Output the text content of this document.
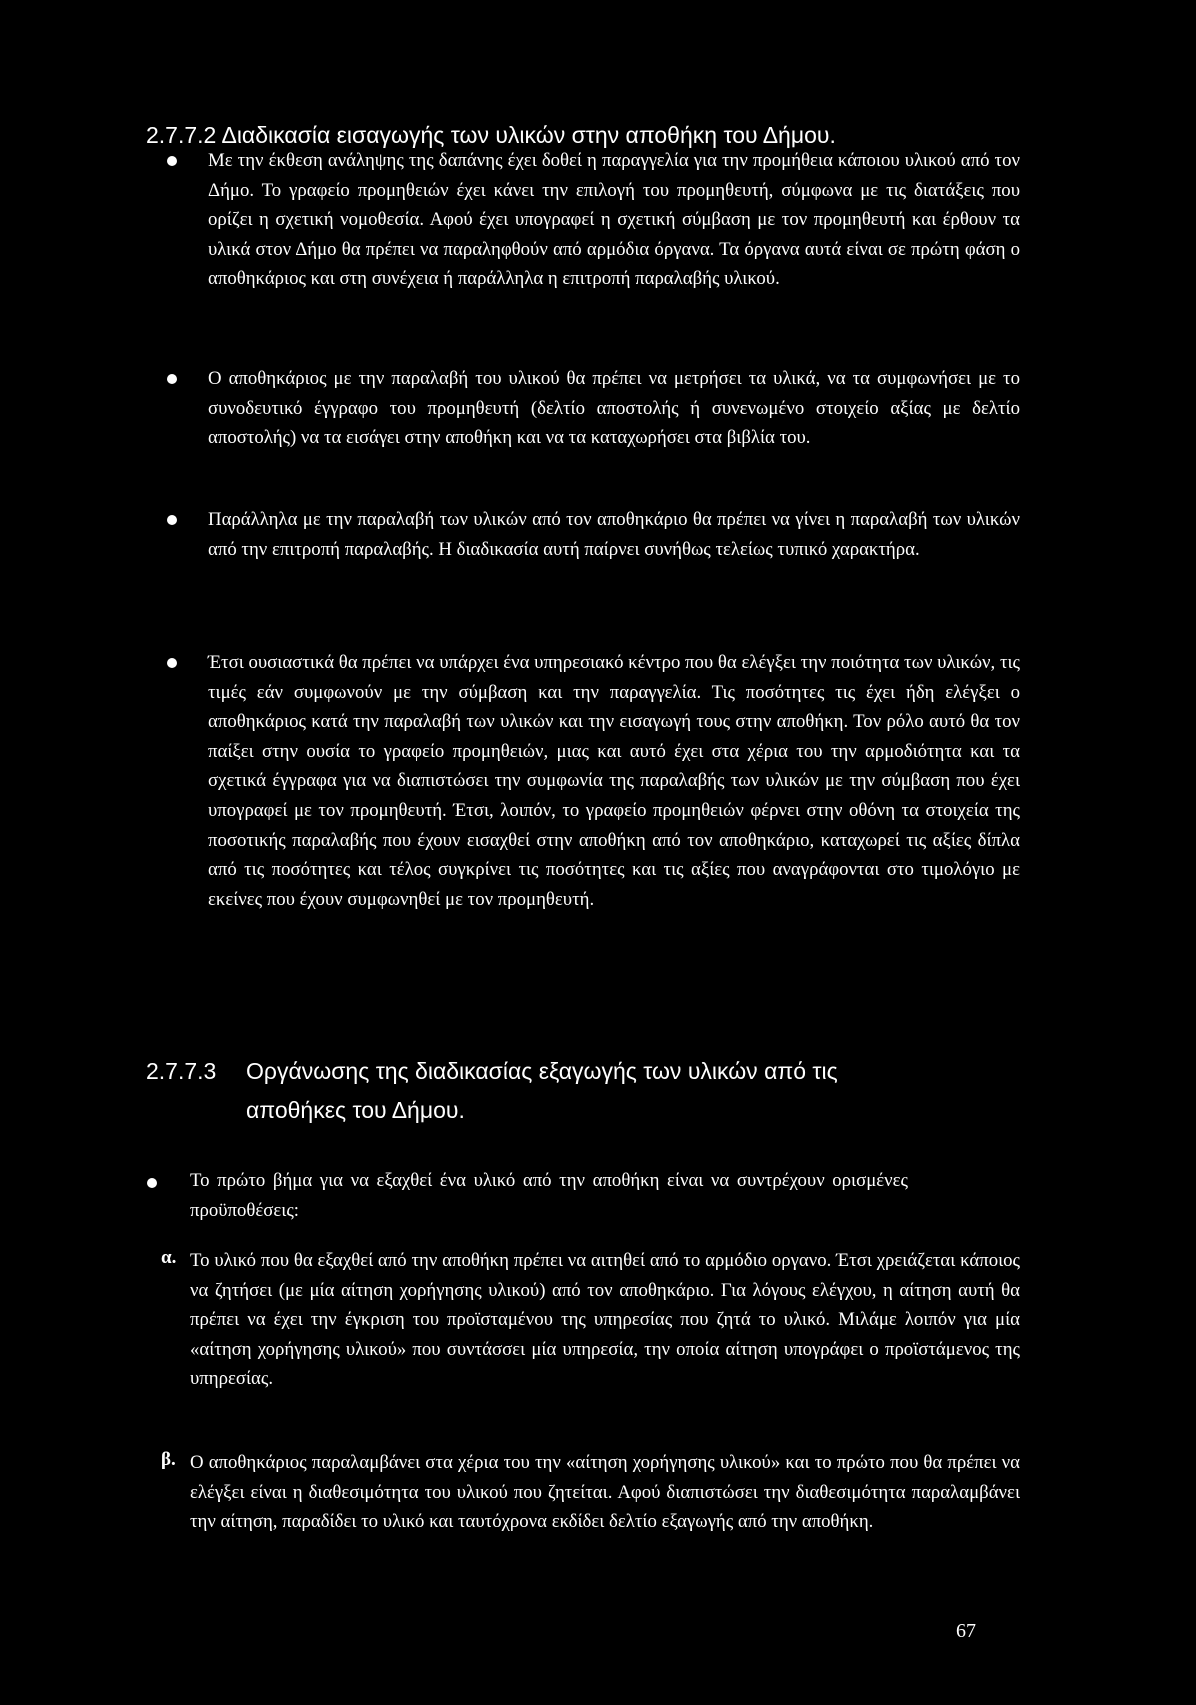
2.7.7.2 Διαδικασία εισαγωγής των υλικών στην αποθήκη του Δήμου.

Με την έκθεση ανάληψης της δαπάνης έχει δοθεί η παραγγελία για την προμήθεια κάποιου υλικού από τον Δήμο. Το γραφείο προμηθειών έχει κάνει την επιλογή του προμηθευτή, σύμφωνα με τις διατάξεις που ορίζει η σχετική νομοθεσία. Αφού έχει υπογραφεί η σχετική σύμβαση με τον προμηθευτή και έρθουν τα υλικά στον Δήμο θα πρέπει να παραληφθούν από αρμόδια όργανα. Τα όργανα αυτά είναι σε πρώτη φάση ο αποθηκάριος και στη συνέχεια ή παράλληλα η επιτροπή παραλαβής υλικού.

Ο αποθηκάριος με την παραλαβή του υλικού θα πρέπει να μετρήσει τα υλικά, να τα συμφωνήσει με το συνοδευτικό έγγραφο του προμηθευτή (δελτίο αποστολής ή συνενωμένο στοιχείο αξίας με δελτίο αποστολής) να τα εισάγει στην αποθήκη και να τα καταχωρήσει στα βιβλία του.

Παράλληλα με την παραλαβή των υλικών από τον αποθηκάριο θα πρέπει να γίνει η παραλαβή των υλικών από την επιτροπή παραλαβής. Η διαδικασία αυτή παίρνει συνήθως τελείως τυπικό χαρακτήρα.

Έτσι ουσιαστικά θα πρέπει να υπάρχει ένα υπηρεσιακό κέντρο που θα ελέγξει την ποιότητα των υλικών, τις τιμές εάν συμφωνούν με την σύμβαση και την παραγγελία. Τις ποσότητες τις έχει ήδη ελέγξει ο αποθηκάριος κατά την παραλαβή των υλικών και την εισαγωγή τους στην αποθήκη. Τον ρόλο αυτό θα τον παίξει στην ουσία το γραφείο προμηθειών, μιας και αυτό έχει στα χέρια του την αρμοδιότητα και τα σχετικά έγγραφα για να διαπιστώσει την συμφωνία της παραλαβής των υλικών με την σύμβαση που έχει υπογραφεί με τον προμηθευτή. Έτσι, λοιπόν, το γραφείο προμηθειών φέρνει στην οθόνη τα στοιχεία της ποσοτικής παραλαβής που έχουν εισαχθεί στην αποθήκη από τον αποθηκάριο, καταχωρεί τις αξίες δίπλα από τις ποσότητες και τέλος συγκρίνει τις ποσότητες και τις αξίες που αναγράφονται στο τιμολόγιο με εκείνες που έχουν συμφωνηθεί με τον προμηθευτή.

2.7.7.3 Οργάνωσης της διαδικασίας εξαγωγής των υλικών από τις
αποθήκες του Δήμου.

Το πρώτο βήμα για να εξαχθεί ένα υλικό από την αποθήκη είναι να συντρέχουν ορισμένες προϋποθέσεις:

α. Το υλικό που θα εξαχθεί από την αποθήκη πρέπει να αιτηθεί από το αρμόδιο οργανο. Έτσι χρειάζεται κάποιος να ζητήσει (με μία αίτηση χορήγησης υλικού) από τον αποθηκάριο. Για λόγους ελέγχου, η αίτηση αυτή θα πρέπει να έχει την έγκριση του προϊσταμένου της υπηρεσίας που ζητά το υλικό. Μιλάμε λοιπόν για μία «αίτηση χορήγησης υλικού» που συντάσσει μία υπηρεσία, την οποία αίτηση υπογράφει ο προϊστάμενος της υπηρεσίας.

β. Ο αποθηκάριος παραλαμβάνει στα χέρια του την «αίτηση χορήγησης υλικού» και το πρώτο που θα πρέπει να ελέγξει είναι η διαθεσιμότητα του υλικού που ζητείται. Αφού διαπιστώσει την διαθεσιμότητα παραλαμβάνει την αίτηση, παραδίδει το υλικό και ταυτόχρονα εκδίδει δελτίο εξαγωγής από την αποθήκη.

67
